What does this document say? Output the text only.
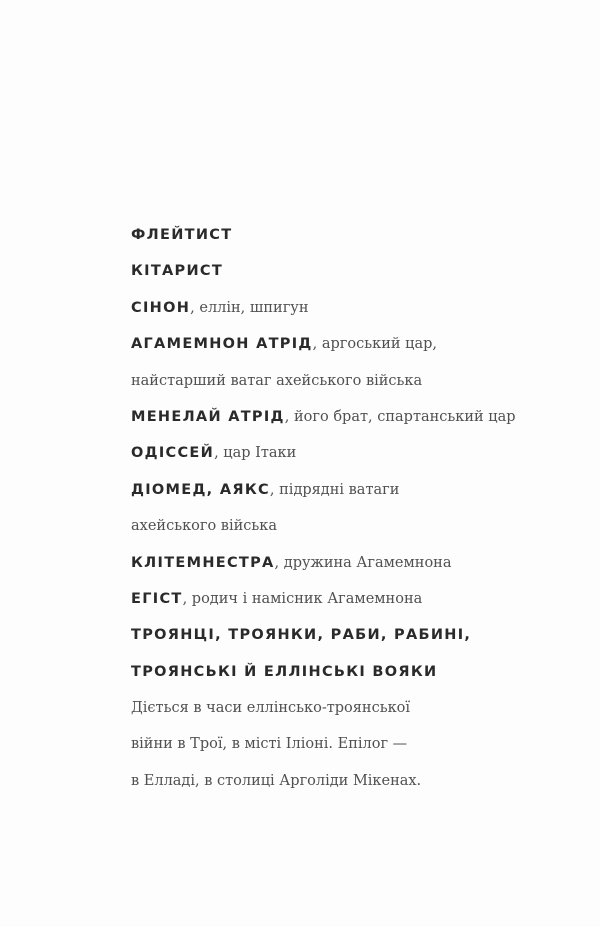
ФЛЕЙТИСТ
КІТАРИСТ
СІНОН, еллін, шпигун
АГАМЕМНОН АТРІД, аргоський цар,
найстарший ватаг ахейського війська
МЕНЕЛАЙ АТРІД, його брат, спартанський цар
ОДІССЕЙ, цар Ітаки
ДІОМЕД, АЯКС, підрядні ватаги
ахейського війська
КЛІТЕМНЕСТРА, дружина Агамемнона
ЕГІСТ, родич і намісник Агамемнона
ТРОЯНЦІ, ТРОЯНКИ, РАБИ, РАБИНІ,
ТРОЯНСЬКІ Й ЕЛЛІНСЬКІ ВОЯКИ
Діється в часи еллінсько-троянської
війни в Трої, в місті Іліоні. Епілог —
в Елладі, в столиці Арголіди Мікенах.
